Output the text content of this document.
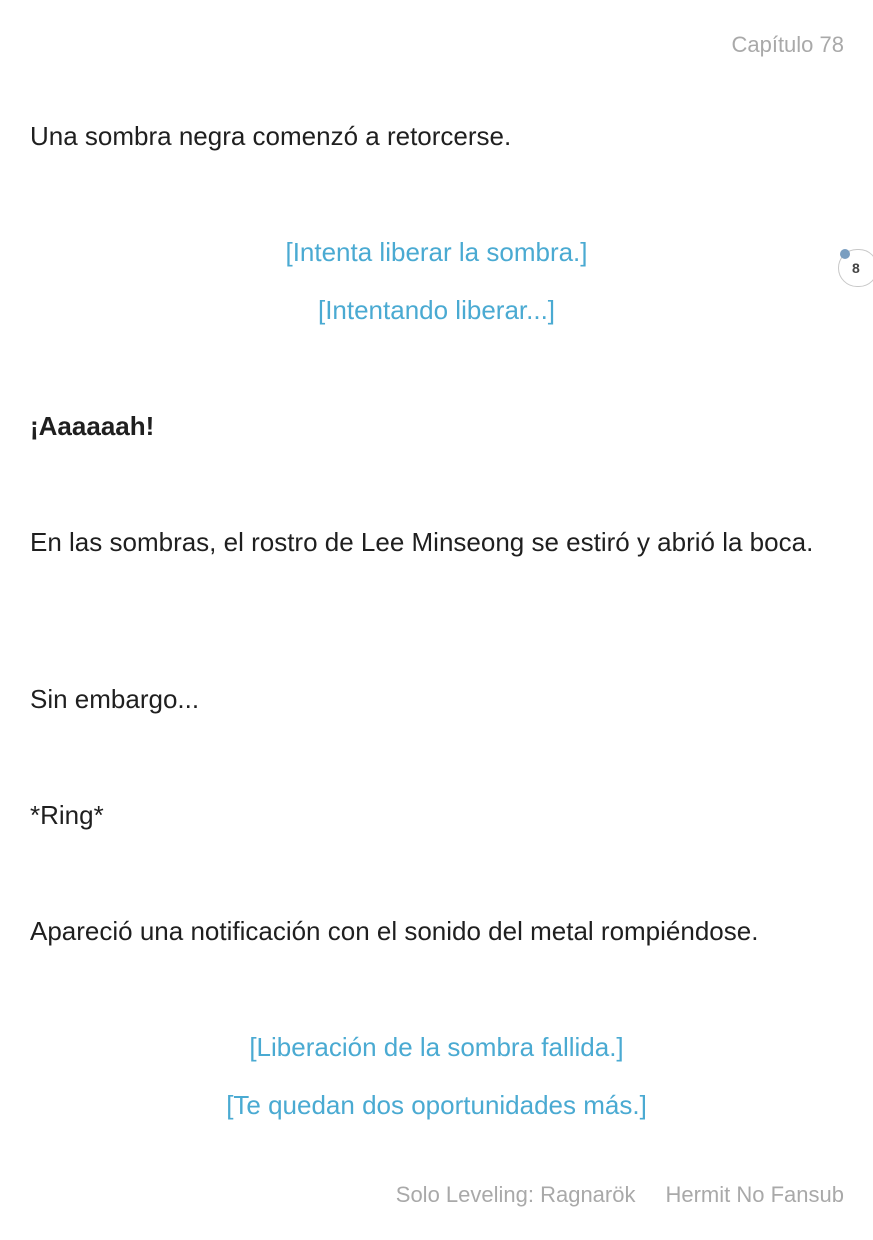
Capítulo 78
Una sombra negra comenzó a retorcerse.
[Intenta liberar la sombra.]
8
[Intentando liberar...]
¡Aaaaaah!
En las sombras, el rostro de Lee Minseong se estiró y abrió la boca.
Sin embargo...
*Ring*
Apareció una notificación con el sonido del metal rompiéndose.
[Liberación de la sombra fallida.]
[Te quedan dos oportunidades más.]
Solo Leveling: Ragnarök Hermit No Fansub
